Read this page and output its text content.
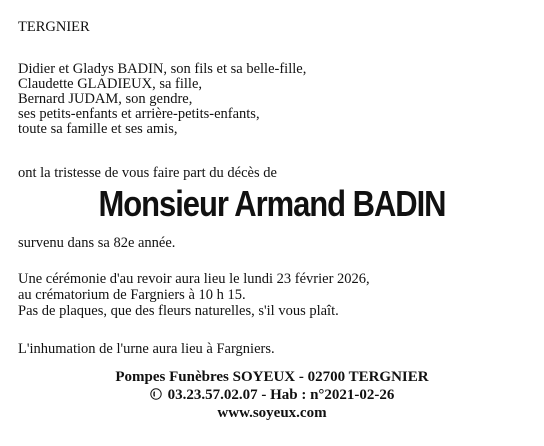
TERGNIER

Didier et Gladys BADIN, son fils et sa belle-fille,
Claudette GLADIEUX, sa fille,
Bernard JUDAM, son gendre,
ses petits-enfants et arrière-petits-enfants,
toute sa famille et ses amis,

ont la tristesse de vous faire part du décès de

Monsieur Armand BADIN

survenu dans sa 82e année.

Une cérémonie d'au revoir aura lieu le lundi 23 février 2026,

au crématorium de Fargniers à 10 h 15.

Pas de plaques, que des fleurs naturelles, s'il vous plaît.

L'inhumation de l'urne aura lieu à Fargniers.

Pompes Funèbres SOYEUX - 02700 TERGNIER

03.23.57.02.07 - Hab : n°2021-02-26

www.soyeux.com
